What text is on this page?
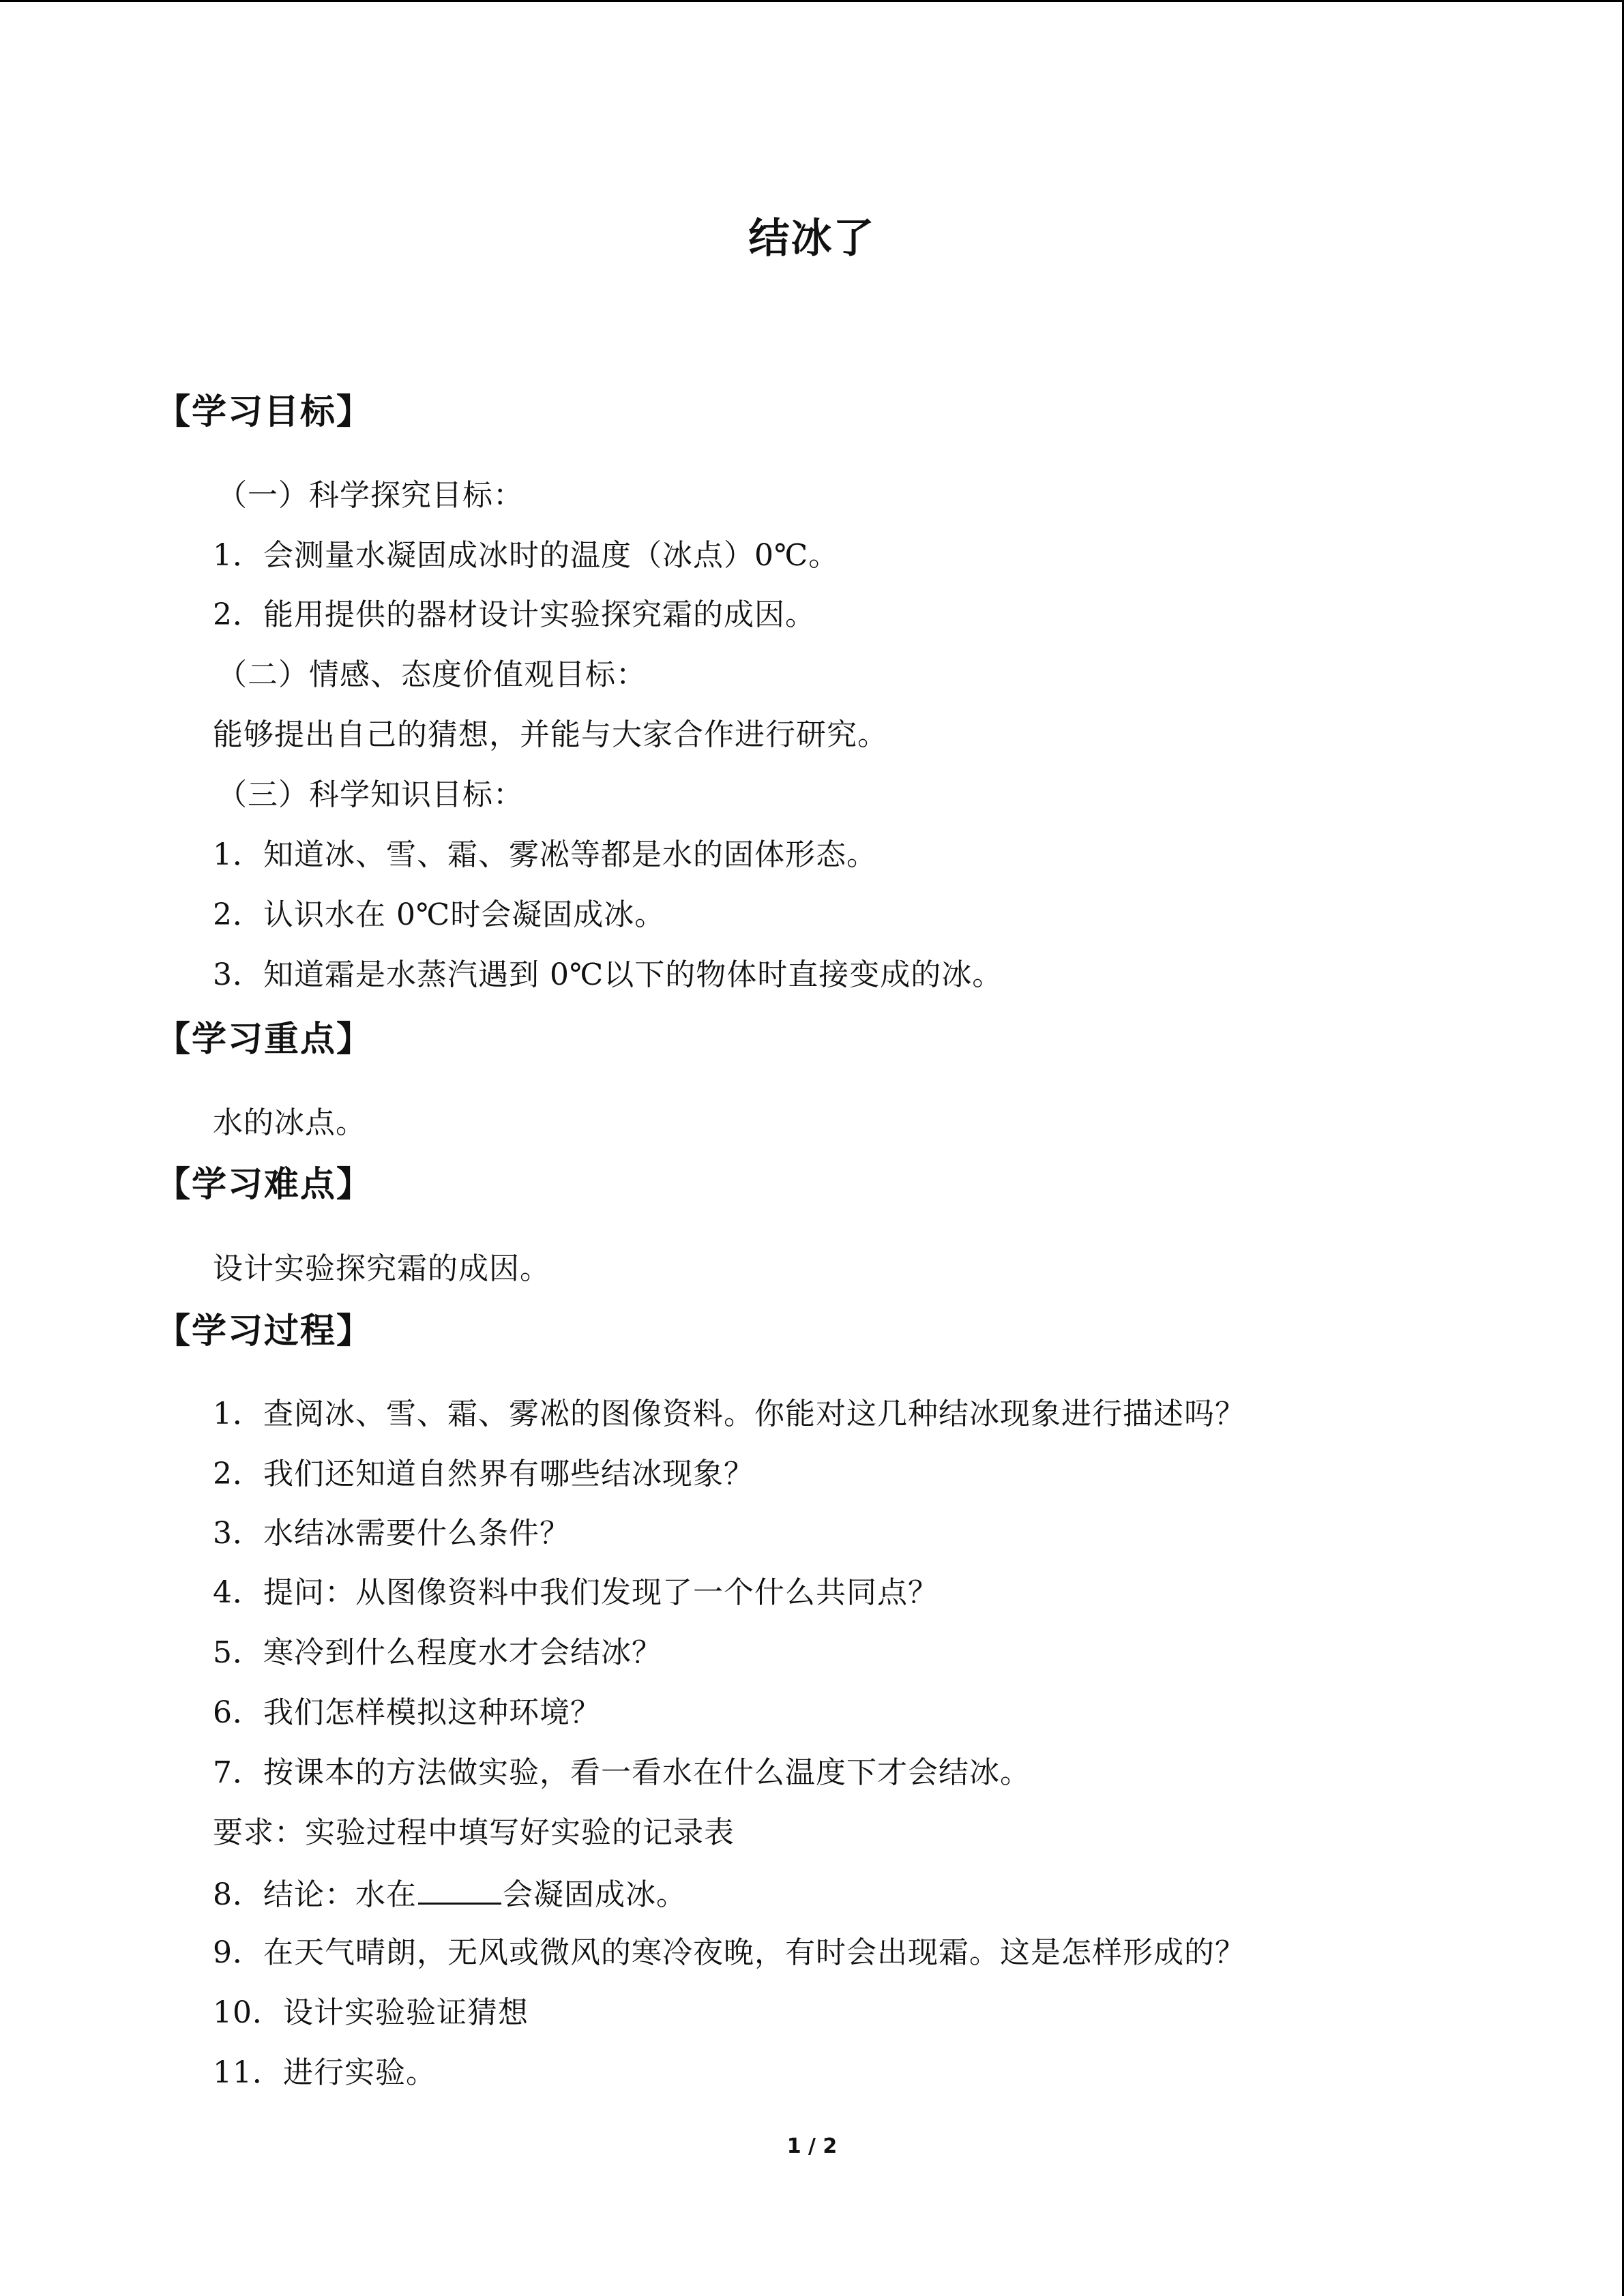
结冰了
【学习目标】
（一）科学探究目标：
1．会测量水凝固成冰时的温度（冰点）0℃。
2．能用提供的器材设计实验探究霜的成因。
（二）情感、态度价值观目标：
能够提出自己的猜想，并能与大家合作进行研究。
（三）科学知识目标：
1．知道冰、雪、霜、雾凇等都是水的固体形态。
2．认识水在 0℃时会凝固成冰。
3．知道霜是水蒸汽遇到 0℃以下的物体时直接变成的冰。
【学习重点】
水的冰点。
【学习难点】
设计实验探究霜的成因。
【学习过程】
1．查阅冰、雪、霜、雾凇的图像资料。你能对这几种结冰现象进行描述吗？
2．我们还知道自然界有哪些结冰现象？
3．水结冰需要什么条件？
4．提问：从图像资料中我们发现了一个什么共同点？
5．寒冷到什么程度水才会结冰？
6．我们怎样模拟这种环境？
7．按课本的方法做实验，看一看水在什么温度下才会结冰。
要求：实验过程中填写好实验的记录表
8．结论：水在	会凝固成冰。
9．在天气晴朗，无风或微风的寒冷夜晚，有时会出现霜。这是怎样形成的？
10．设计实验验证猜想
11．进行实验。
1 / 2
